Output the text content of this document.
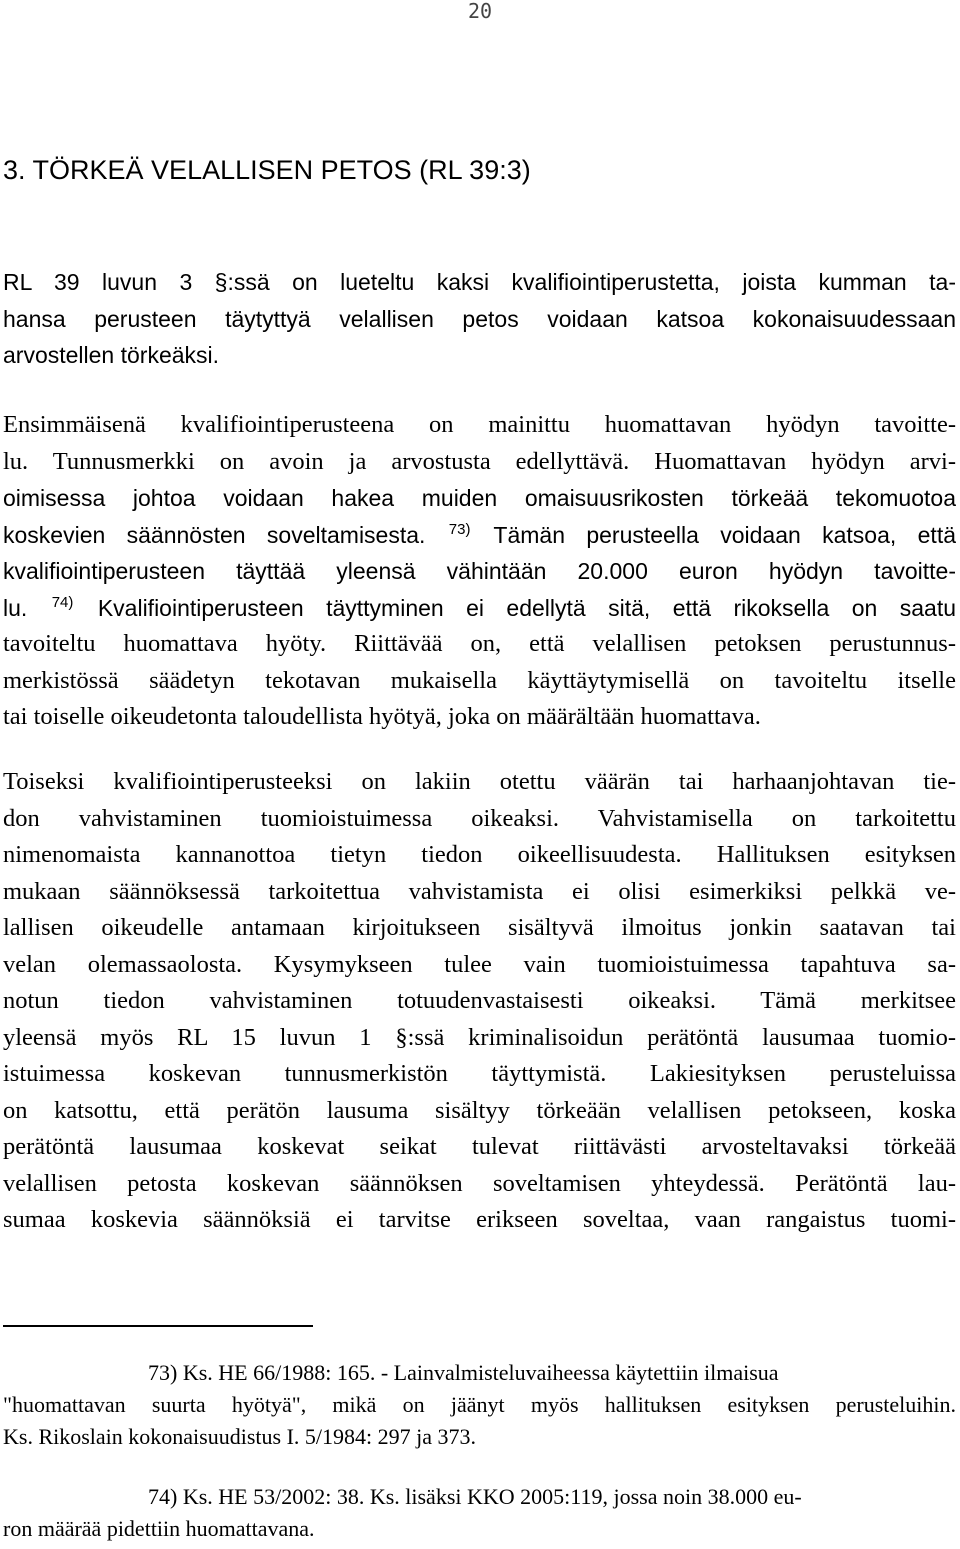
20
3. TÖRKEÄ VELALLISEN PETOS (RL 39:3)
RL 39 luvun 3 §:ssä on lueteltu kaksi kvalifiointiperustetta, joista kumman ta-
hansa perusteen täytyttyä velallisen petos voidaan katsoa kokonaisuudessaan
arvostellen törkeäksi.
Ensimmäisenä kvalifiointiperusteena on mainittu huomattavan hyödyn tavoitte-
lu. Tunnusmerkki on avoin ja arvostusta edellyttävä. Huomattavan hyödyn arvi-
oimisessa johtoa voidaan hakea muiden omaisuusrikosten törkeää tekomuotoa
koskevien säännösten soveltamisesta. $^{73)}$ Tämän perusteella voidaan katsoa, että
kvalifiointiperusteen täyttää yleensä vähintään 20.000 euron hyödyn tavoitte-
lu. $^{74)}$ Kvalifiointiperusteen täyttyminen ei edellytä sitä, että rikoksella on saatu
tavoiteltu huomattava hyöty. Riittävää on, että velallisen petoksen perustunnus-
merkistössä säädetyn tekotavan mukaisella käyttäytymisellä on tavoiteltu itselle
tai toiselle oikeudetonta taloudellista hyötyä, joka on määrältään huomattava.
Toiseksi kvalifiointiperusteeksi on lakiin otettu väärän tai harhaanjohtavan tie-
don vahvistaminen tuomioistuimessa oikeaksi. Vahvistamisella on tarkoitettu
nimenomaista kannanottoa tietyn tiedon oikeellisuudesta. Hallituksen esityksen
mukaan säännöksessä tarkoitettua vahvistamista ei olisi esimerkiksi pelkkä ve-
lallisen oikeudelle antamaan kirjoitukseen sisältyvä ilmoitus jonkin saatavan tai
velan olemassaolosta. Kysymykseen tulee vain tuomioistuimessa tapahtuva sa-
notun tiedon vahvistaminen totuudenvastaisesti oikeaksi. Tämä merkitsee
yleensä myös RL 15 luvun 1 §:ssä kriminalisoidun perätöntä lausumaa tuomio-
istuimessa koskevan tunnusmerkistön täyttymistä. Lakiesityksen perusteluissa
on katsottu, että perätön lausuma sisältyy törkeään velallisen petokseen, koska
perätöntä lausumaa koskevat seikat tulevat riittävästi arvosteltavaksi törkeää
velallisen petosta koskevan säännöksen soveltamisen yhteydessä. Perätöntä lau-
sumaa koskevia säännöksiä ei tarvitse erikseen soveltaa, vaan rangaistus tuomi-
73) Ks. HE 66/1988: 165. - Lainvalmisteluvaiheessa käytettiin ilmaisua
"huomattavan suurta hyötyä", mikä on jäänyt myös hallituksen esityksen perusteluihin.
Ks. Rikoslain kokonaisuudistus I. 5/1984: 297 ja 373.
74) Ks. HE 53/2002: 38. Ks. lisäksi KKO 2005:119, jossa noin 38.000 eu-
ron määrää pidettiin huomattavana.
